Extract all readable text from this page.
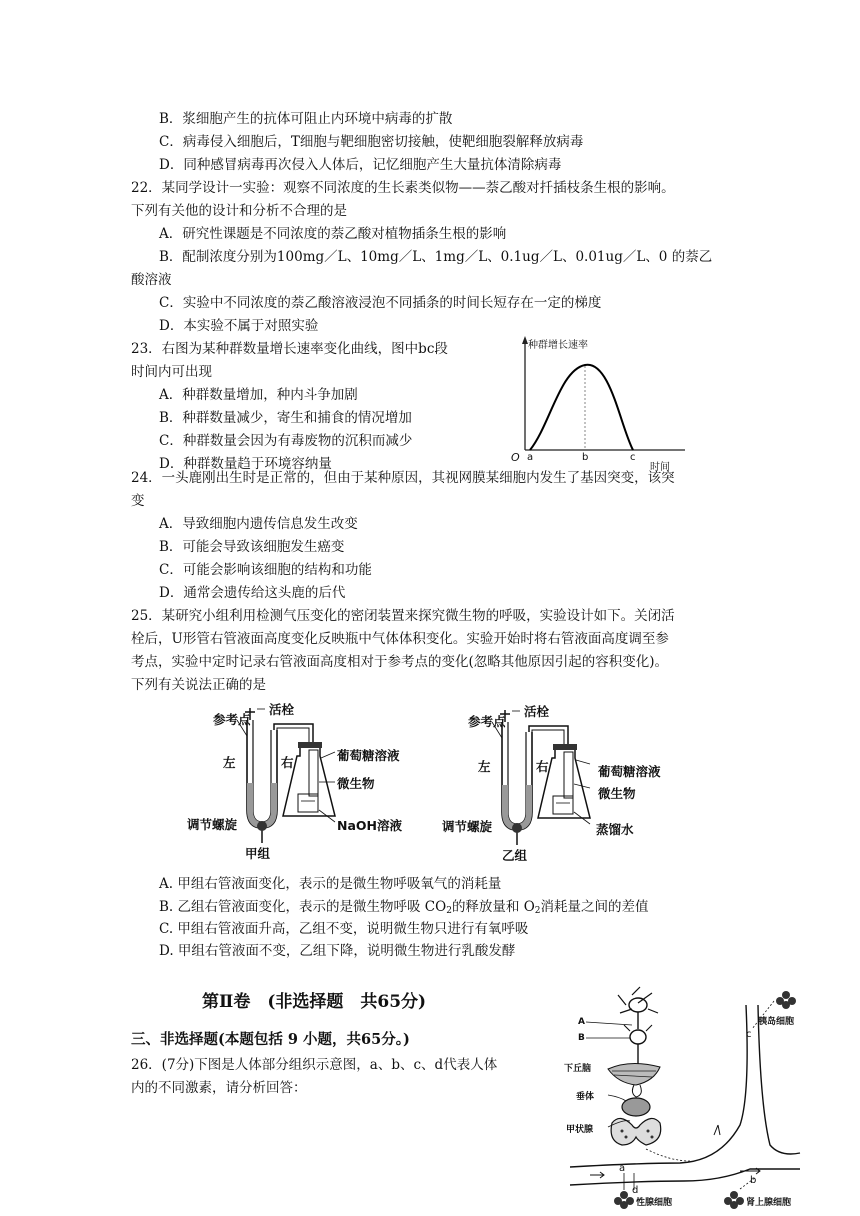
B．浆细胞产生的抗体可阻止内环境中病毒的扩散
C．病毒侵入细胞后，T细胞与靶细胞密切接触，使靶细胞裂解释放病毒
D．同种感冒病毒再次侵入人体后，记忆细胞产生大量抗体清除病毒
22．某同学设计一实验：观察不同浓度的生长素类似物——萘乙酸对扦插枝条生根的影响。
下列有关他的设计和分析不合理的是
A．研究性课题是不同浓度的萘乙酸对植物插条生根的影响
B．配制浓度分别为100mg／L、10mg／L、1mg／L、0.1ug／L、0.01ug／L、0 的萘乙
酸溶液
C．实验中不同浓度的萘乙酸溶液浸泡不同插条的时间长短存在一定的梯度
D．本实验不属于对照实验
23．右图为某种群数量增长速率变化曲线，图中bc段
时间内可出现
A．种群数量增加，种内斗争加剧
B．种群数量减少，寄生和捕食的情况增加
C．种群数量会因为有毒废物的沉积而减少
D．种群数量趋于环境容纳量
种群增长速率
O a	b	c
时间
24．一头鹿刚出生时是正常的，但由于某种原因，其视网膜某细胞内发生了基因突变，该突
变
A．导致细胞内遗传信息发生改变
B．可能会导致该细胞发生癌变
C．可能会影响该细胞的结构和功能
D．通常会遗传给这头鹿的后代
25．某研究小组利用检测气压变化的密闭装置来探究微生物的呼吸，实验设计如下。关闭活
栓后，U形管右管液面高度变化反映瓶中气体体积变化。实验开始时将右管液面高度调至参
考点，实验中定时记录右管液面高度相对于参考点的变化(忽略其他原因引起的容积变化)。
下列有关说法正确的是
参考点
活栓
左	右	葡萄糖溶液
微生物
调节螺旋	NaOH溶液
甲组
参考点
活栓
左	右	葡萄糖溶液
微生物
调节螺旋	蒸馏水
乙组
A. 甲组右管液面变化，表示的是微生物呼吸氧气的消耗量
B. 乙组右管液面变化，表示的是微生物呼吸 $CO_2$的释放量和 $O_2$消耗量之间的差值
C. 甲组右管液面升高，乙组不变，说明微生物只进行有氧呼吸
D. 甲组右管液面不变，乙组下降，说明微生物进行乳酸发酵
第Ⅱ卷　(非选择题　共65分)
三、非选择题(本题包括 9 小题，共65分。)
26．(7分)下图是人体部分组织示意图，a、b、c、d代表人体
内的不同激素，请分析回答：
A
B
下丘脑
垂体
甲状腺
胰岛细胞
c
a
d
b
性腺细胞	肾上腺细胞
